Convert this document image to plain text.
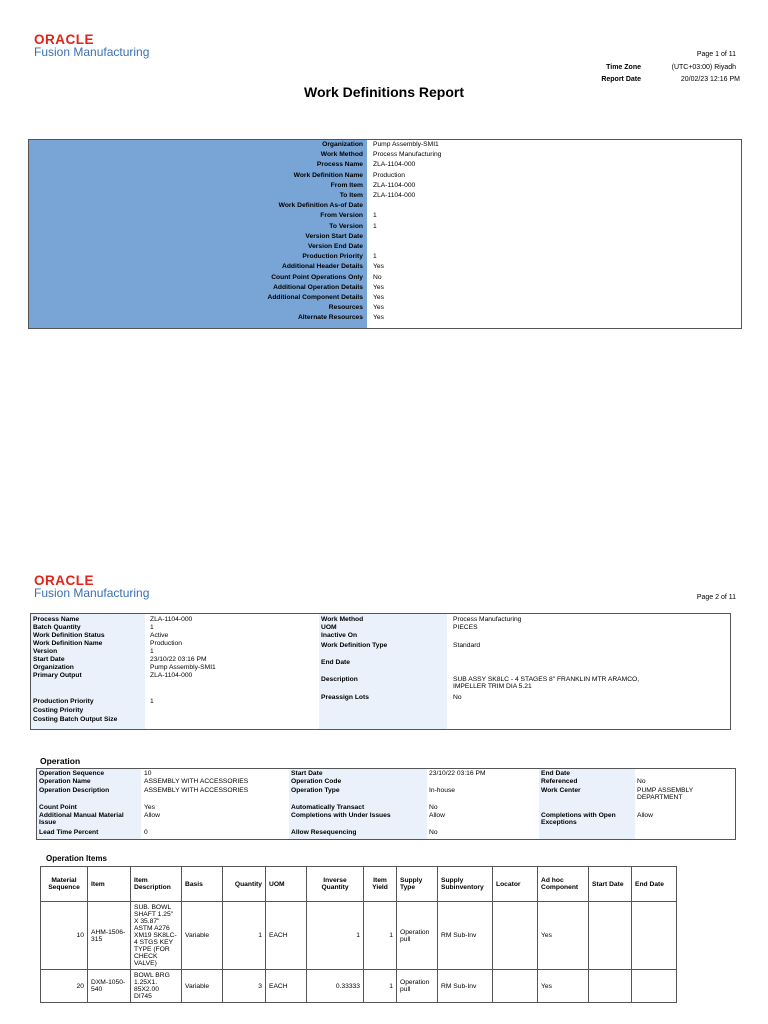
ORACLE
Fusion Manufacturing	Page 1 of 11
Time Zone	(UTC+03:00) Riyadh
Report Date	20/02/23 12:16 PM
Work Definitions Report
Organization Pump Assembly-SMI1
Work Method Process Manufacturing
Process Name ZLA-1104-000
Work Definition Name Production
From Item ZLA-1104-000
To Item ZLA-1104-000
Work Definition As-of Date
From Version 1
To Version 1
Version Start Date
Version End Date
Production Priority 1
Additional Header Details Yes
Count Point Operations Only No
Additional Operation Details Yes
Additional Component Details Yes
Resources Yes
Alternate Resources Yes
ORACLE
Fusion Manufacturing	Page 2 of 11
Process Name	ZLA-1104-000
Batch Quantity	1
Work Definition Status	Active
Work Definition Name	Production
Version	1
Start Date	23/10/22 03:16 PM
Organization	Pump Assembly-SMI1
Primary Output	ZLA-1104-000
Production Priority	1
Costing Priority
Costing Batch Output Size
Work Method	Process Manufacturing
UOM	PIECES
Inactive On
Work Definition Type	Standard
End Date
Description	SUB ASSY SK8LC - 4 STAGES 8" FRANKLIN MTR ARAMCO, IMPELLER TRIM DIA 5.21
Preassign Lots	No
Operation
Operation Sequence	10
Operation Name	ASSEMBLY WITH ACCESSORIES
Operation Description	ASSEMBLY WITH ACCESSORIES
Count Point	Yes
Additional Manual Material Issue
Allow
Lead Time Percent	0
Start Date	23/10/22 03:16 PM
Operation Code
Operation Type	In-house
Automatically Transact	No
Completions with Under Issues	Allow
Allow Resequencing	No
End Date
Referenced	No
Work Center	PUMP ASSEMBLY DEPARTMENT
Completions with Open Exceptions
Allow
Operation Items
Material Sequence	Item	Item Description	Basis	Quantity	UOM	Inverse Quantity	Item Yield	Supply Type	Supply Subinventory	Locator	Ad hoc Component	Start Date	End Date
10	AHM-1506-315	SUB. BOWL SHAFT 1.25" X 35.87" ASTM A276 XM19 SK8LC-4 STGS KEY TYPE (FOR CHECK VALVE)	Variable	1	EACH	1	1	Operation pull	RM Sub-Inv		Yes		
20	DXM-1050-540	BOWL BRG 1.25X1. 85X2.00 DI745	Variable	3	EACH	0.33333	1	Operation pull	RM Sub-Inv		Yes		
